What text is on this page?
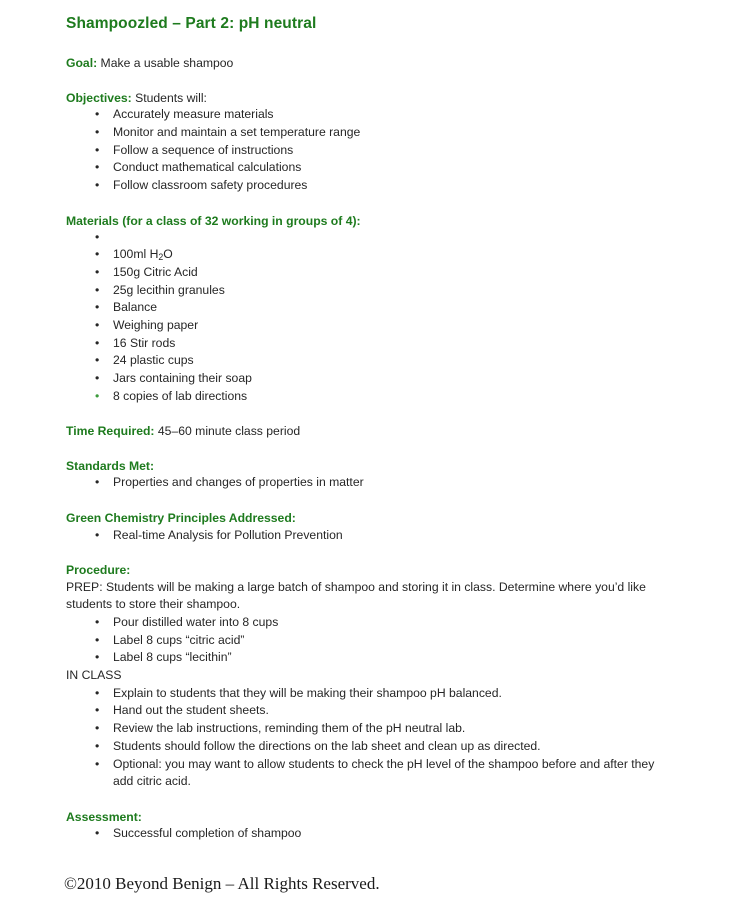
Shampoozled – Part 2: pH neutral

Goal: Make a usable shampoo

Objectives: Students will:

• Accurately measure materials
• Monitor and maintain a set temperature range
• Follow a sequence of instructions
• Conduct mathematical calculations
• Follow classroom safety procedures

Materials (for a class of 32 working in groups of 4):

•
• 100ml $H_2O$
• 150g Citric Acid
• 25g lecithin granules
• Balance
• Weighing paper
• 16 Stir rods
• 24 plastic cups
• Jars containing their soap
• 8 copies of lab directions

Time Required: 45–60 minute class period

Standards Met:

• Properties and changes of properties in matter

Green Chemistry Principles Addressed:

• Real-time Analysis for Pollution Prevention

Procedure:

PREP: Students will be making a large batch of shampoo and storing it in class. Determine where you’d like students to store their shampoo.

• Pour distilled water into 8 cups
• Label 8 cups “citric acid”
• Label 8 cups “lecithin”

IN CLASS

• Explain to students that they will be making their shampoo pH balanced.
• Hand out the student sheets.
• Review the lab instructions, reminding them of the pH neutral lab.
• Students should follow the directions on the lab sheet and clean up as directed.
• Optional: you may want to allow students to check the pH level of the shampoo before and after they add citric acid.

Assessment:

• Successful completion of shampoo
©2010 Beyond Benign – All Rights Reserved.
